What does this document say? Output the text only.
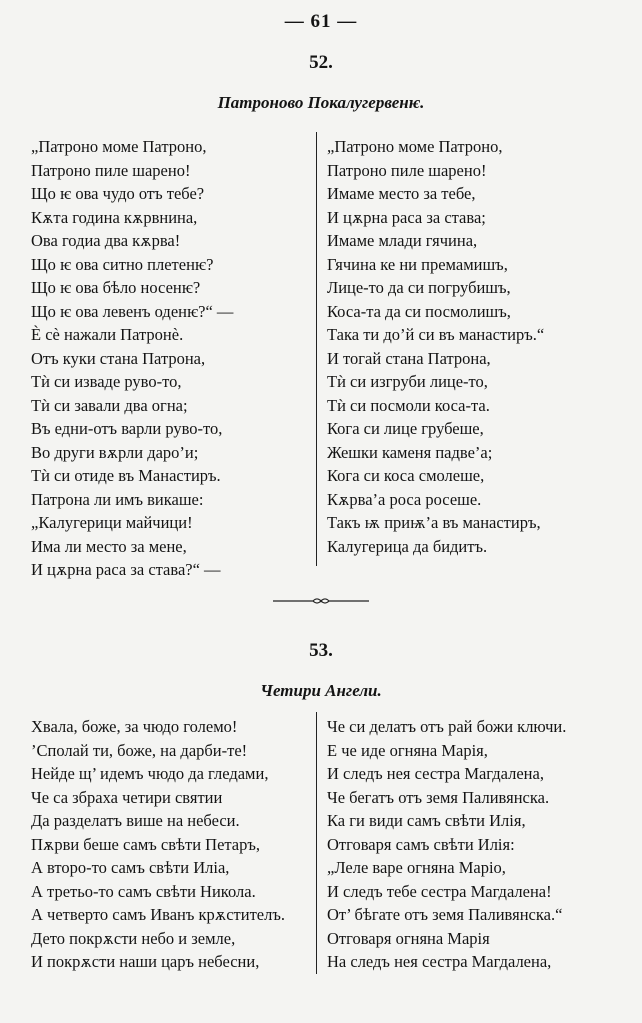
— 61 —
52.
Патроново Покалугервенѥ.
„Патроно моме Патроно,
Патроно пиле шарено!
Що ѥ ова чудо отъ тебе?
Кѫта година кѫрвнина,
Ова годиа два кѫрва!
Що ѥ ова ситно плетенѥ?
Що ѥ ова бѣло носенѥ?
Що ѥ ова левенъ оденѥ?“ —
Ѐ сѐ нажали Патронѐ.
Отъ куки стана Патрона,
Тѝ си изваде руво-то,
Тѝ си завали два огна;
Въ едни-отъ варли руво-то,
Во други вѫрли даро’и;
Тѝ си отиде въ Манастиръ.
Патрона ли имъ викаше:
„Калугерици майчици!
Има ли место за мене,
И цѫрна раса за става?“ —
„Патроно моме Патроно,
Патроно пиле шарено!
Имаме место за тебе,
И цѫрна раса за става;
Имаме млади гячина,
Гячина ке ни премамишъ,
Лице-то да си погрубишъ,
Коса-та да си посмолишъ,
Така ти до’й си въ манастиръ.“
И тогай стана Патрона,
Тѝ си изгруби лице-то,
Тѝ си посмоли коса-та.
Кога си лице грубеше,
Жешки каменя падве’а;
Кога си коса смолеше,
Кѫрва’а роса росеше.
Такъ ѭ приѭ’а въ манастиръ,
Калугерица да бидитъ.
53.
Четири Ангели.
Хвала, боже, за чюдо големо!
’Сполай ти, боже, на дарби-те!
Нейде щ’ идемъ чюдо да гледами,
Че са збраха четири святии
Да разделатъ више на небеси.
Пѫрви беше самъ свѣти Петаръ,
А второ-то самъ свѣти Иліа,
А третьо-то самъ свѣти Никола.
А четверто самъ Иванъ крѫстителъ.
Дето покрѫсти небо и земле,
И покрѫсти наши царъ небесни,
Че си делатъ отъ рай божи ключи.
Е че иде огняна Марія,
И следъ нея сестра Магдалена,
Че бегатъ отъ земя Паливянска.
Ка ги види самъ свѣти Илія,
Отговаря самъ свѣти Илія:
„Леле варе огняна Маріо,
И следъ тебе сестра Магдалена!
От’ бѣгате отъ земя Паливянска.“
Отговаря огняна Марія
На следъ нея сестра Магдалена,
